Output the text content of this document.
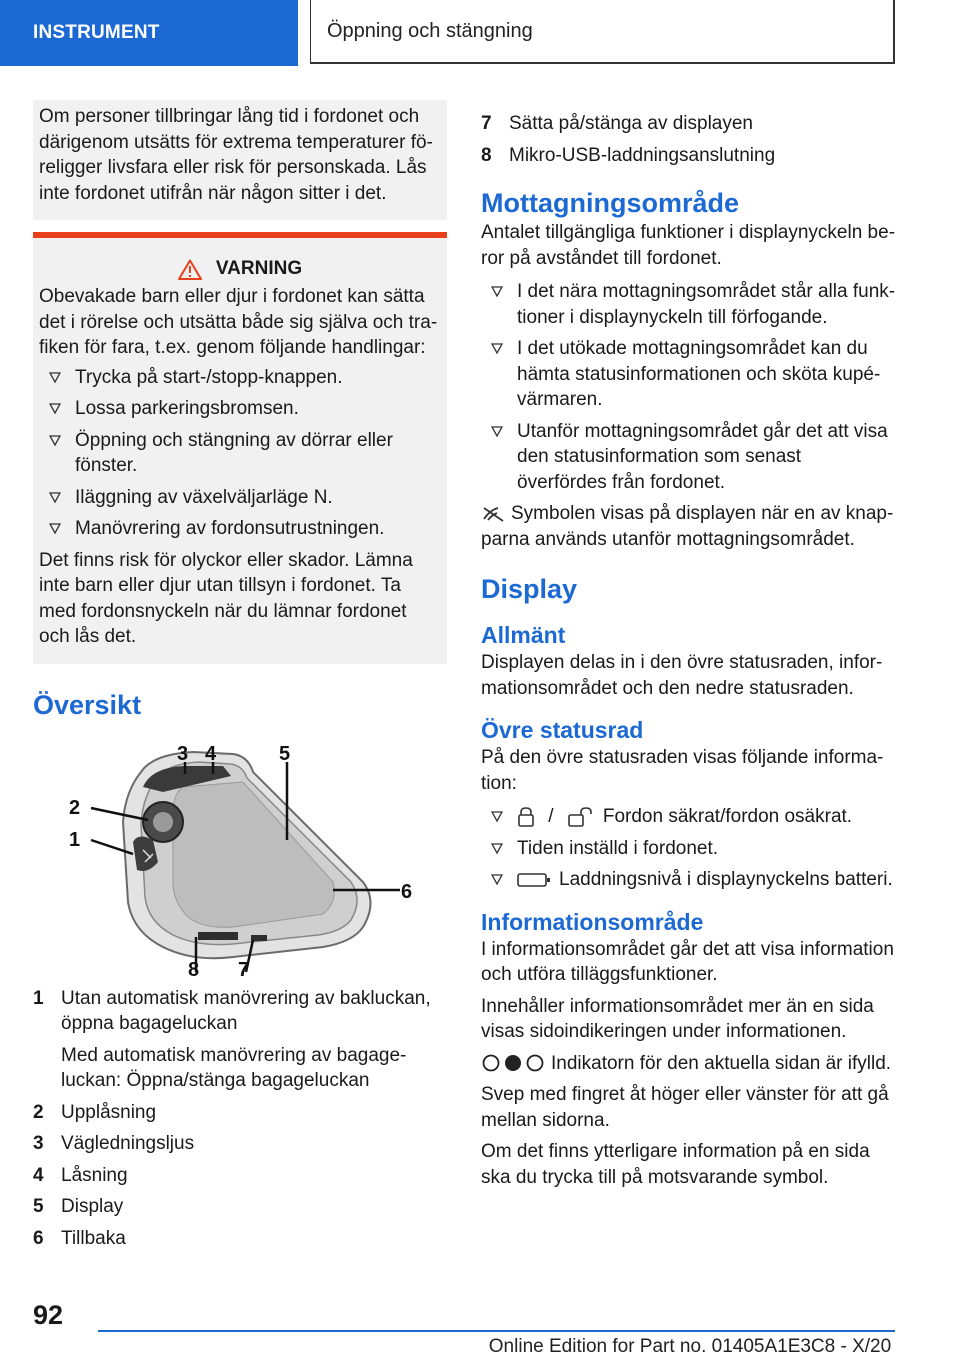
INSTRUMENT	Öppning och stängning

Om personer tillbringar lång tid i fordonet och därigenom utsätts för extrema temperaturer fö-religger livsfara eller risk för personskada. Lås inte fordonet utifrån när någon sitter i det.

VARNING

Obevakade barn eller djur i fordonet kan sätta det i rörelse och utsätta både sig själva och tra-fiken för fara, t.ex. genom följande handlingar:

Trycka på start-/stopp-knappen.
Lossa parkeringsbromsen.
Öppning och stängning av dörrar eller fönster.
Iläggning av växelväljarläge N.
Manövrering av fordonsutrustningen.

Det finns risk för olyckor eller skador. Lämna inte barn eller djur utan tillsyn i fordonet. Ta med fordonsnyckeln när du lämnar fordonet och lås det.

Översikt
1
2
3 4	5
6
7
8
1 Utan automatisk manövrering av bakluckan, öppna bagageluckan

Med automatisk manövrering av bagage-luckan: Öppna/stänga bagageluckan
2 Upplåsning
3 Vägledningsljus
4 Låsning
5 Display
6 Tillbaka
7 Sätta på/stänga av displayen
8 Mikro-USB-laddningsanslutning
Mottagningsområde

Antalet tillgängliga funktioner i displaynyckeln be-ror på avståndet till fordonet.

I det nära mottagningsområdet står alla funk-tioner i displaynyckeln till förfogande.
I det utökade mottagningsområdet kan du hämta statusinformationen och sköta kupé-värmaren.
Utanför mottagningsområdet går det att visa den statusinformation som senast överfördes från fordonet.

Symbolen visas på displayen när en av knap-parna används utanför mottagningsområdet.

Display
Allmänt

Displayen delas in i den övre statusraden, infor-mationsområdet och den nedre statusraden.

Övre statusrad

På den övre statusraden visas följande informa-tion:

/	Fordon säkrat/fordon osäkrat.
Tiden inställd i fordonet.
Laddningsnivå i displaynyckelns batteri.
Informationsområde

I informationsområdet går det att visa information och utföra tilläggsfunktioner.

Innehåller informationsområdet mer än en sida visas sidoindikeringen under informationen.

Indikatorn för den aktuella sidan är ifylld.

Svep med fingret åt höger eller vänster för att gå mellan sidorna.

Om det finns ytterligare information på en sida ska du trycka till på motsvarande symbol.

92
Online Edition for Part no. 01405A1E3C8 - X/20
